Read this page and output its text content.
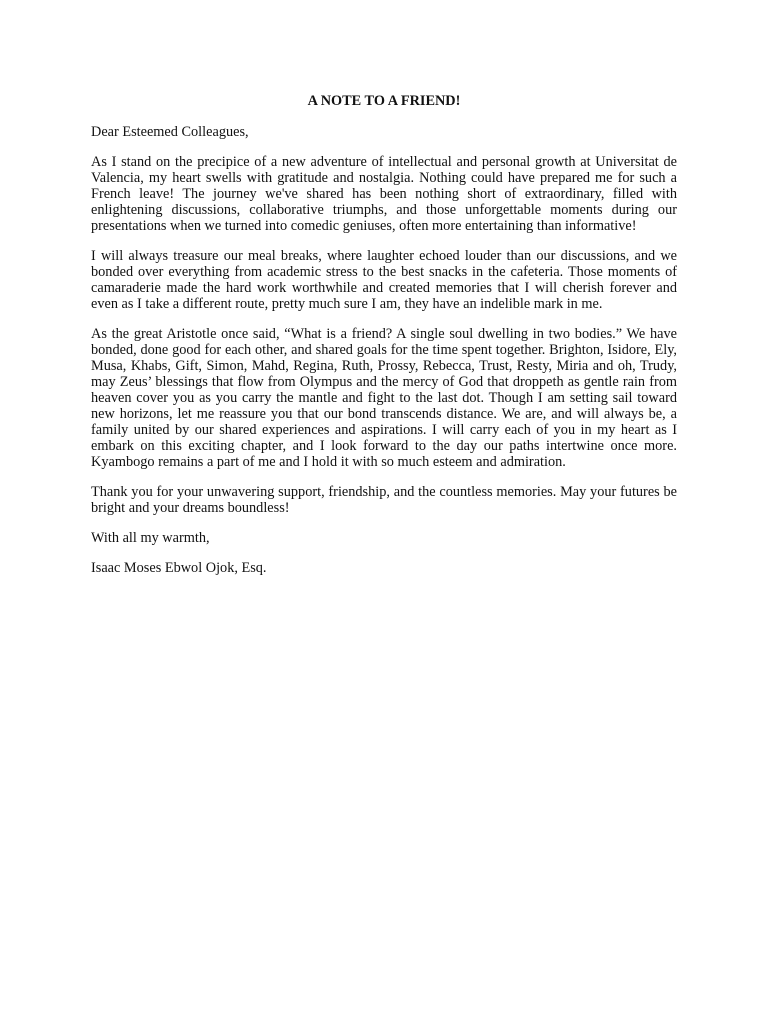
A NOTE TO A FRIEND!
Dear Esteemed Colleagues,

As I stand on the precipice of a new adventure of intellectual and personal growth at Universitat de Valencia, my heart swells with gratitude and nostalgia. Nothing could have prepared me for such a French leave! The journey we've shared has been nothing short of extraordinary, filled with enlightening discussions, collaborative triumphs, and those unforgettable moments during our presentations when we turned into comedic geniuses, often more entertaining than informative!

I will always treasure our meal breaks, where laughter echoed louder than our discussions, and we bonded over everything from academic stress to the best snacks in the cafeteria. Those moments of camaraderie made the hard work worthwhile and created memories that I will cherish forever and even as I take a different route, pretty much sure I am, they have an indelible mark in me.

As the great Aristotle once said, “What is a friend? A single soul dwelling in two bodies.” We have bonded, done good for each other, and shared goals for the time spent together. Brighton, Isidore, Ely, Musa, Khabs, Gift, Simon, Mahd, Regina, Ruth, Prossy, Rebecca, Trust, Resty, Miria and oh, Trudy, may Zeus’ blessings that flow from Olympus and the mercy of God that droppeth as gentle rain from heaven cover you as you carry the mantle and fight to the last dot. Though I am setting sail toward new horizons, let me reassure you that our bond transcends distance. We are, and will always be, a family united by our shared experiences and aspirations. I will carry each of you in my heart as I embark on this exciting chapter, and I look forward to the day our paths intertwine once more. Kyambogo remains a part of me and I hold it with so much esteem and admiration.

Thank you for your unwavering support, friendship, and the countless memories. May your futures be bright and your dreams boundless!

With all my warmth,
Isaac Moses Ebwol Ojok, Esq.
